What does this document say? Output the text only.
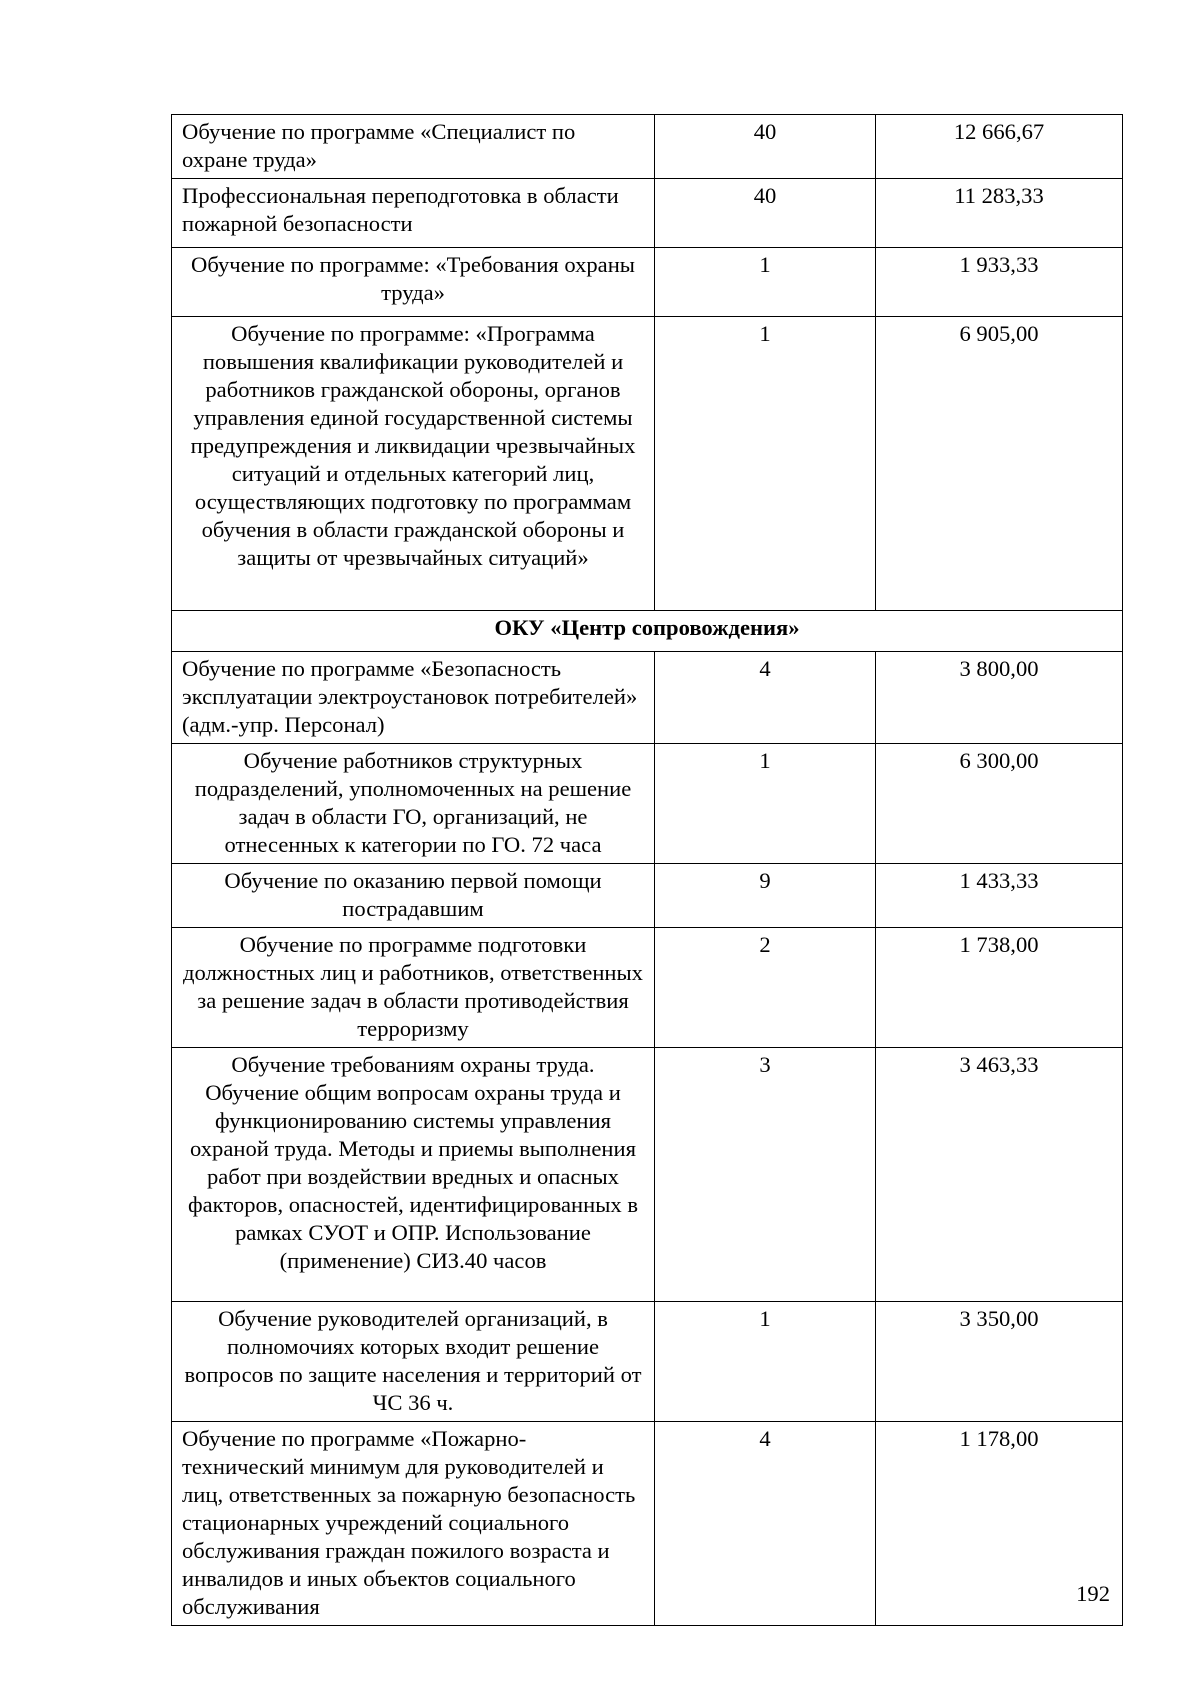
Обучение по программе «Специалист по охране труда»	40	12 666,67
Профессиональная переподготовка в области пожарной безопасности	40	11 283,33
Обучение по программе: «Требования охраны труда»	1	1 933,33
Обучение по программе: «Программа повышения квалификации руководителей и работников гражданской обороны, органов управления единой государственной системы предупреждения и ликвидации чрезвычайных ситуаций и отдельных категорий лиц, осуществляющих подготовку по программам обучения в области гражданской обороны и защиты от чрезвычайных ситуаций»	1	6 905,00
ОКУ «Центр сопровождения»		
Обучение по программе «Безопасность эксплуатации электроустановок потребителей» (адм.-упр. Персонал)	4	3 800,00
Обучение работников структурных подразделений, уполномоченных на решение задач в области ГО, организаций, не отнесенных к категории по ГО. 72 часа	1	6 300,00
Обучение по оказанию первой помощи пострадавшим	9	1 433,33
Обучение по программе подготовки должностных лиц и работников, ответственных за решение задач в области противодействия терроризму	2	1 738,00
Обучение требованиям охраны труда. Обучение общим вопросам охраны труда и функционированию системы управления охраной труда. Методы и приемы выполнения работ при воздействии вредных и опасных факторов, опасностей, идентифицированных в рамках СУОТ и ОПР. Использование (применение) СИЗ.40 часов	3	3 463,33
Обучение руководителей организаций, в полномочиях которых входит решение вопросов по защите населения и территорий от ЧС 36 ч.	1	3 350,00
Обучение по программе «Пожарно-технический минимум для руководителей и лиц, ответственных за пожарную безопасность стационарных учреждений социального обслуживания граждан пожилого возраста и инвалидов и иных объектов социального обслуживания	4	1 178,00
192
